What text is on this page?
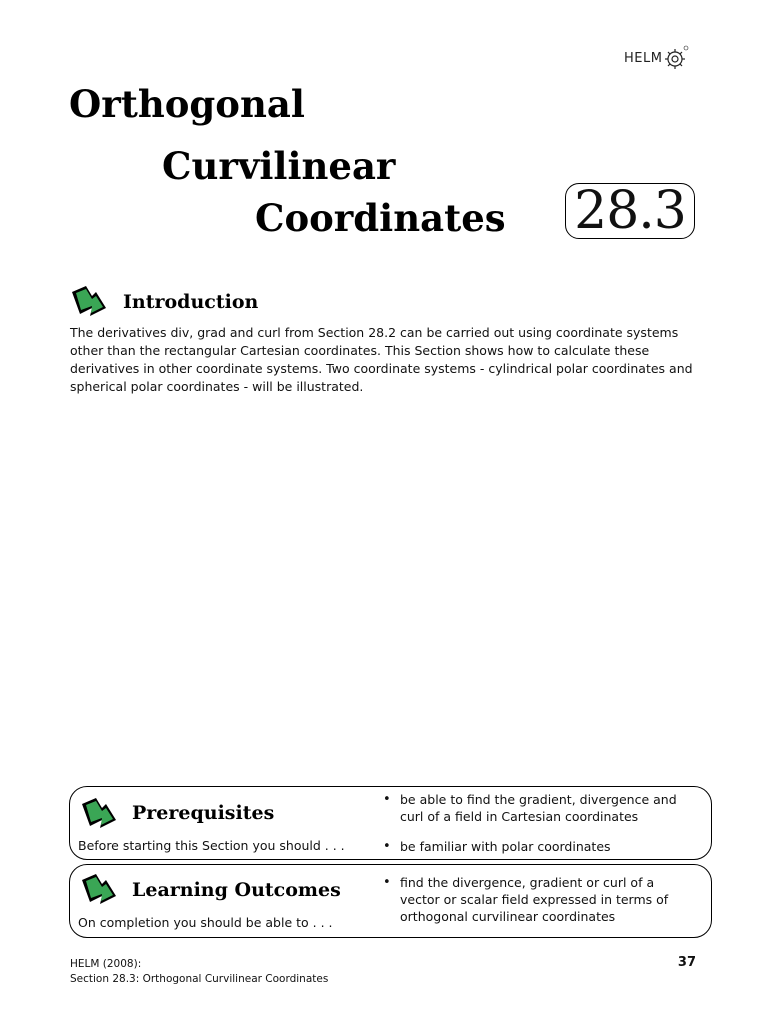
HELM
Orthogonal
Curvilinear
Coordinates 28.3
Introduction
The derivatives div, grad and curl from Section 28.2 can be carried out using coordinate systems other than the rectangular Cartesian coordinates. This Section shows how to calculate these derivatives in other coordinate systems. Two coordinate systems - cylindrical polar coordinates and spherical polar coordinates - will be illustrated.
Prerequisites
Before starting this Section you should . . .
• be able to find the gradient, divergence and curl of a field in Cartesian coordinates
• be familiar with polar coordinates
Learning Outcomes
On completion you should be able to . . .
• find the divergence, gradient or curl of a vector or scalar field expressed in terms of orthogonal curvilinear coordinates
HELM (2008):
Section 28.3: Orthogonal Curvilinear Coordinates
37
